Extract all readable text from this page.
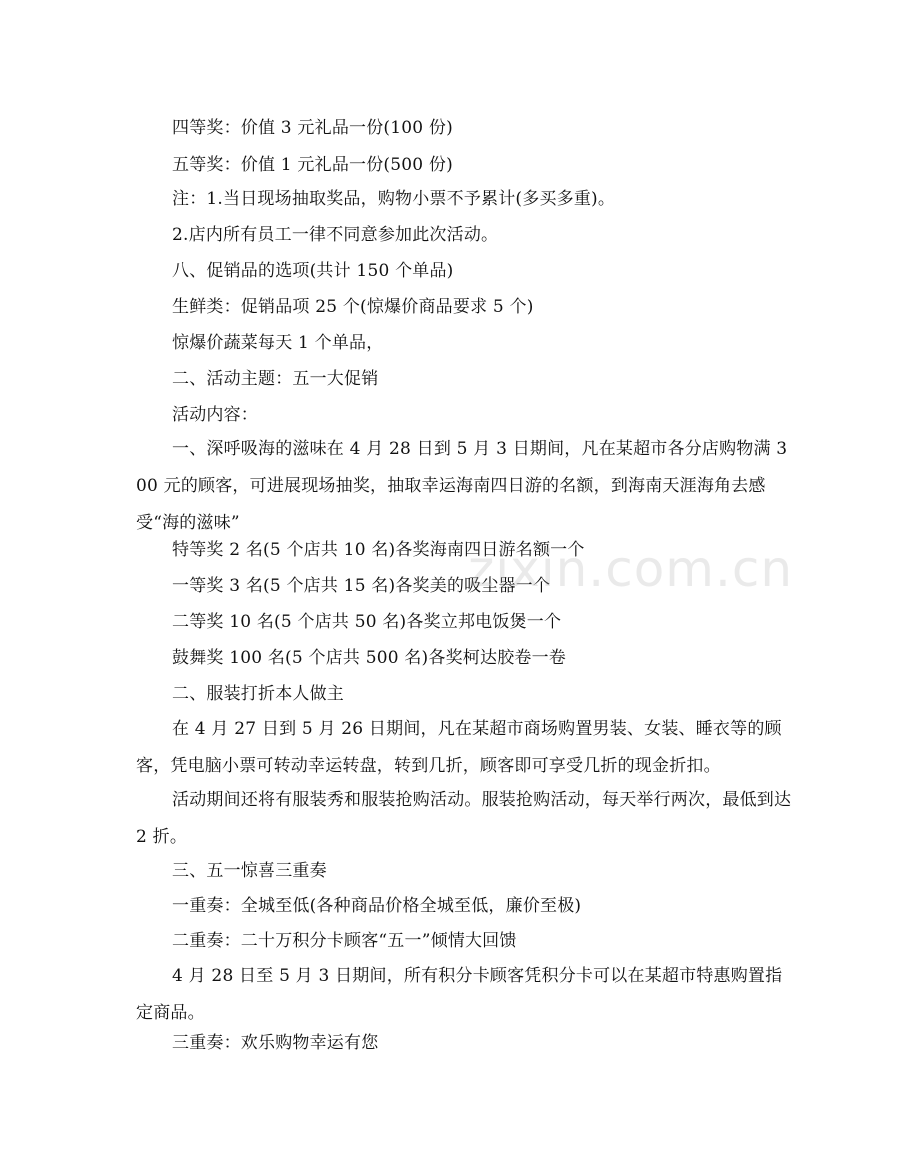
四等奖：价值 3 元礼品一份(100 份)

五等奖：价值 1 元礼品一份(500 份)

注：1.当日现场抽取奖品，购物小票不予累计(多买多重)。

2.店内所有员工一律不同意参加此次活动。

八、促销品的选项(共计 150 个单品)

生鲜类：促销品项 25 个(惊爆价商品要求 5 个)

惊爆价蔬菜每天 1 个单品，

二、活动主题：五一大促销

活动内容：

一、深呼吸海的滋味在 4 月 28 日到 5 月 3 日期间，凡在某超市各分店购物满 300 元的顾客，可进展现场抽奖，抽取幸运海南四日游的名额，到海南天涯海角去感受“海的滋味”

特等奖 2 名(5 个店共 10 名)各奖海南四日游名额一个

一等奖 3 名(5 个店共 15 名)各奖美的吸尘器一个

二等奖 10 名(5 个店共 50 名)各奖立邦电饭煲一个

鼓舞奖 100 名(5 个店共 500 名)各奖柯达胶卷一卷

二、服装打折本人做主

在 4 月 27 日到 5 月 26 日期间，凡在某超市商场购置男装、女装、睡衣等的顾客，凭电脑小票可转动幸运转盘，转到几折，顾客即可享受几折的现金折扣。

活动期间还将有服装秀和服装抢购活动。服装抢购活动，每天举行两次，最低到达 2 折。

三、五一惊喜三重奏

一重奏：全城至低(各种商品价格全城至低，廉价至极)

二重奏：二十万积分卡顾客“五一”倾情大回馈

4 月 28 日至 5 月 3 日期间，所有积分卡顾客凭积分卡可以在某超市特惠购置指定商品。

三重奏：欢乐购物幸运有您

zixin.com.cn
